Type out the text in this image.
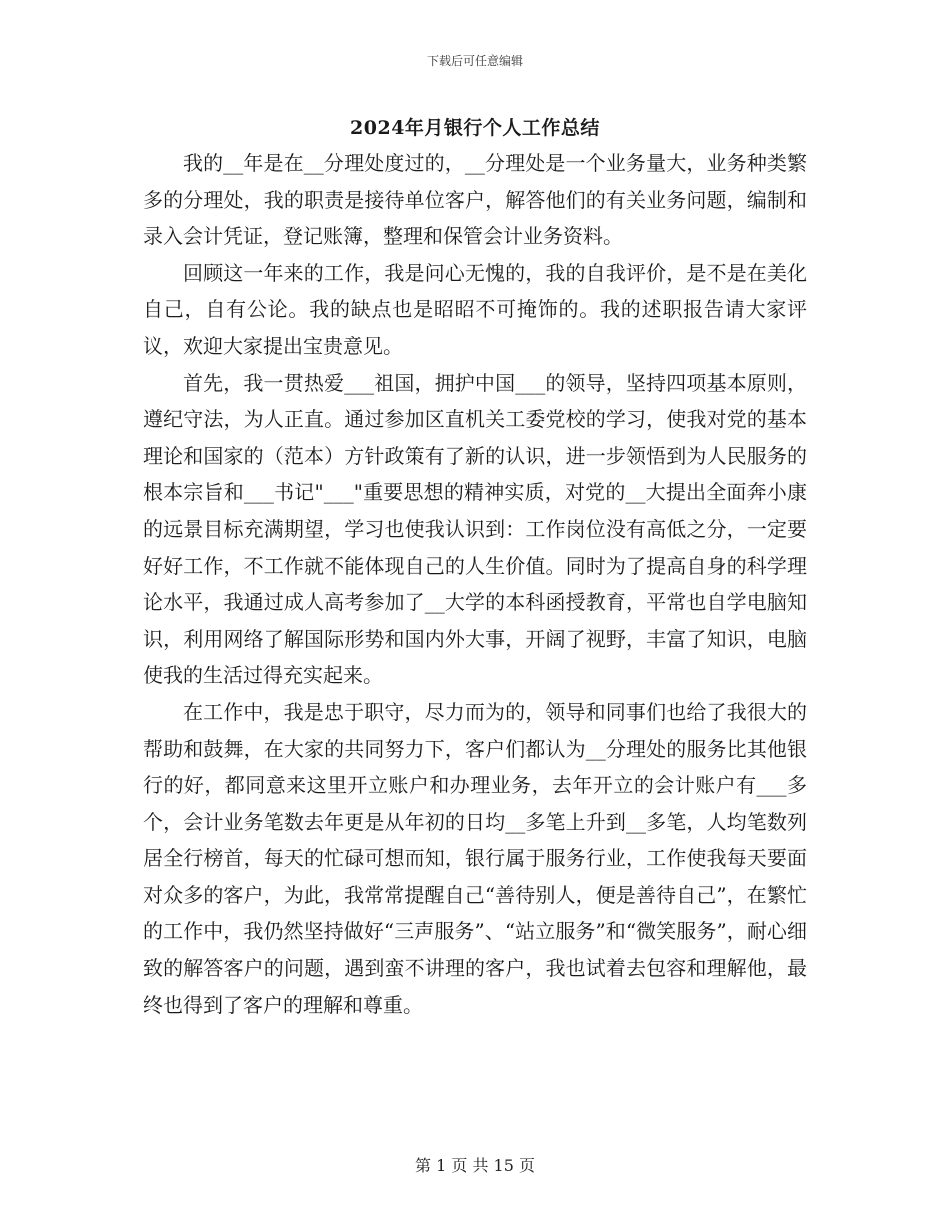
下载后可任意编辑
2024年月银行个人工作总结

我的__年是在__分理处度过的，__分理处是一个业务量大，业务种类繁多的分理处，我的职责是接待单位客户，解答他们的有关业务问题，编制和录入会计凭证，登记账簿，整理和保管会计业务资料。

回顾这一年来的工作，我是问心无愧的，我的自我评价，是不是在美化自己，自有公论。我的缺点也是昭昭不可掩饰的。我的述职报告请大家评议，欢迎大家提出宝贵意见。

首先，我一贯热爱___祖国，拥护中国___的领导，坚持四项基本原则，遵纪守法，为人正直。通过参加区直机关工委党校的学习，使我对党的基本理论和国家的（范本）方针政策有了新的认识，进一步领悟到为人民服务的根本宗旨和___书记"___"重要思想的精神实质，对党的__大提出全面奔小康的远景目标充满期望，学习也使我认识到：工作岗位没有高低之分，一定要好好工作，不工作就不能体现自己的人生价值。同时为了提高自身的科学理论水平，我通过成人高考参加了__大学的本科函授教育，平常也自学电脑知识，利用网络了解国际形势和国内外大事，开阔了视野，丰富了知识，电脑使我的生活过得充实起来。

在工作中，我是忠于职守，尽力而为的，领导和同事们也给了我很大的帮助和鼓舞，在大家的共同努力下，客户们都认为__分理处的服务比其他银行的好，都同意来这里开立账户和办理业务，去年开立的会计账户有___多个，会计业务笔数去年更是从年初的日均__多笔上升到__多笔，人均笔数列居全行榜首，每天的忙碌可想而知，银行属于服务行业，工作使我每天要面对众多的客户，为此，我常常提醒自己“善待别人，便是善待自己”，在繁忙的工作中，我仍然坚持做好“三声服务”、“站立服务”和“微笑服务”，耐心细致的解答客户的问题，遇到蛮不讲理的客户，我也试着去包容和理解他，最终也得到了客户的理解和尊重。

第 1 页 共 15 页
